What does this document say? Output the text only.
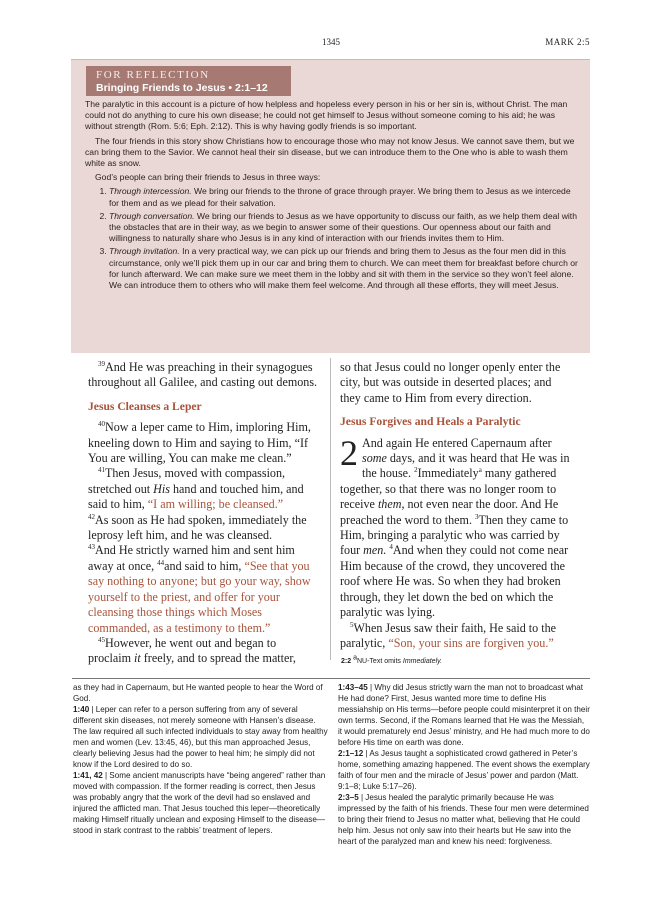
1345	MARK 2:5
FOR REFLECTION
Bringing Friends to Jesus • 2:1–12

The paralytic in this account is a picture of how helpless and hopeless every person in his or her sin is, without Christ. The man could not do anything to cure his own disease; he could not get himself to Jesus without someone coming to his aid; he was without strength (Rom. 5:6; Eph. 2:12). This is why having godly friends is so important.

The four friends in this story show Christians how to encourage those who may not know Jesus. We cannot save them, but we can bring them to the Savior. We cannot heal their sin disease, but we can introduce them to the One who is able to wash them white as snow.

God’s people can bring their friends to Jesus in three ways:

1. Through intercession. We bring our friends to the throne of grace through prayer. We bring them to Jesus as we intercede for them and as we plead for their salvation.
2. Through conversation. We bring our friends to Jesus as we have opportunity to discuss our faith, as we help them deal with the obstacles that are in their way, as we begin to answer some of their questions. Our openness about our faith and willingness to naturally share who Jesus is in any kind of interaction with our friends invites them to Him.
3. Through invitation. In a very practical way, we can pick up our friends and bring them to Jesus as the four men did in this circumstance, only we’ll pick them up in our car and bring them to church. We can meet them for breakfast before church or for lunch afterward. We can make sure we meet them in the lobby and sit with them in the service so they won’t feel alone. We can introduce them to others who will make them feel welcome. And through all these efforts, they will meet Jesus.

$^{39}$And He was preaching in their synagogues throughout all Galilee, and casting out demons.

Jesus Cleanses a Leper

$^{40}$Now a leper came to Him, imploring Him, kneeling down to Him and saying to Him, “If You are willing, You can make me clean.”

$^{41}$Then Jesus, moved with compassion, stretched out His hand and touched him, and said to him, “I am willing; be cleansed.”
$^{42}$As soon as He had spoken, immediately the leprosy left him, and he was cleansed.
$^{43}$And He strictly warned him and sent him away at once, $^{44}$and said to him, “See that you say nothing to anyone; but go your way, show yourself to the priest, and offer for your cleansing those things which Moses commanded, as a testimony to them.”

$^{45}$However, he went out and began to proclaim it freely, and to spread the matter,

so that Jesus could no longer openly enter the city, but was outside in deserted places; and they came to Him from every direction.

Jesus Forgives and Heals a Paralytic

2 And again He entered Capernaum after some days, and it was heard that He was in the house. $^2$Immediately$^a$ many gathered together, so that there was no longer room to receive them, not even near the door. And He preached the word to them. $^3$Then they came to Him, bringing a paralytic who was carried by four men. $^4$And when they could not come near Him because of the crowd, they uncovered the roof where He was. So when they had broken through, they let down the bed on which the paralytic was lying.

$^5$When Jesus saw their faith, He said to the paralytic, “Son, your sins are forgiven you.”

2:2 aNU-Text omits Immediately.

as they had in Capernaum, but He wanted people to hear the Word of God.

1:40 | Leper can refer to a person suffering from any of several different skin diseases, not merely someone with Hansen’s disease. The law required all such infected individuals to stay away from healthy men and women (Lev. 13:45, 46), but this man approached Jesus, clearly believing Jesus had the power to heal him; he simply did not know if the Lord desired to do so.

1:41, 42 | Some ancient manuscripts have “being angered” rather than moved with compassion. If the former reading is correct, then Jesus was probably angry that the work of the devil had so enslaved and injured the afflicted man. That Jesus touched this leper—theoretically making Himself ritually unclean and exposing Himself to the disease—stood in stark contrast to the rabbis’ treatment of lepers.

1:43–45 | Why did Jesus strictly warn the man not to broadcast what He had done? First, Jesus wanted more time to define His messiahship on His terms—before people could misinterpret it on their own terms. Second, if the Romans learned that He was the Messiah, it would prematurely end Jesus’ ministry, and He had much more to do before His time on earth was done.

2:1–12 | As Jesus taught a sophisticated crowd gathered in Peter’s home, something amazing happened. The event shows the exemplary faith of four men and the miracle of Jesus’ power and pardon (Matt. 9:1–8; Luke 5:17–26).

2:3–5 | Jesus healed the paralytic primarily because He was impressed by the faith of his friends. These four men were determined to bring their friend to Jesus no matter what, believing that He could help him. Jesus not only saw into their hearts but He saw into the heart of the paralyzed man and knew his need: forgiveness.
